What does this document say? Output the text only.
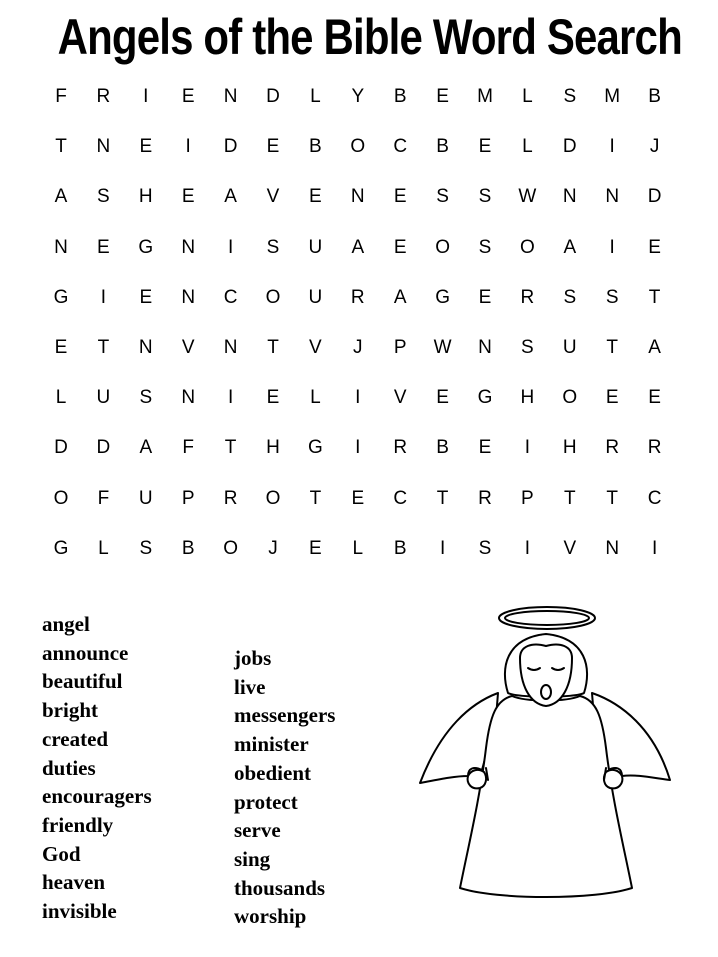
Angels of the Bible Word Search
F	R	I	E	N	D	L	Y	B	E	M	L	S	M	B
T	N	E	I	D	E	B	O	C	B	E	L	D	I	J
A	S	H	E	A	V	E	N	E	S	S	W	N	N	D
N	E	G	N	I	S	U	A	E	O	S	O	A	I	E
G	I	E	N	C	O	U	R	A	G	E	R	S	S	T
E	T	N	V	N	T	V	J	P	W	N	S	U	T	A
L	U	S	N	I	E	L	I	V	E	G	H	O	E	E
D	D	A	F	T	H	G	I	R	B	E	I	H	R	R
O	F	U	P	R	O	T	E	C	T	R	P	T	T	C
G	L	S	B	O	J	E	L	B	I	S	I	V	N	I
angel
announce
beautiful
bright
created
duties
encouragers
friendly
God
heaven
invisible
jobs
live
messengers
minister
obedient
protect
serve
sing
thousands
worship
